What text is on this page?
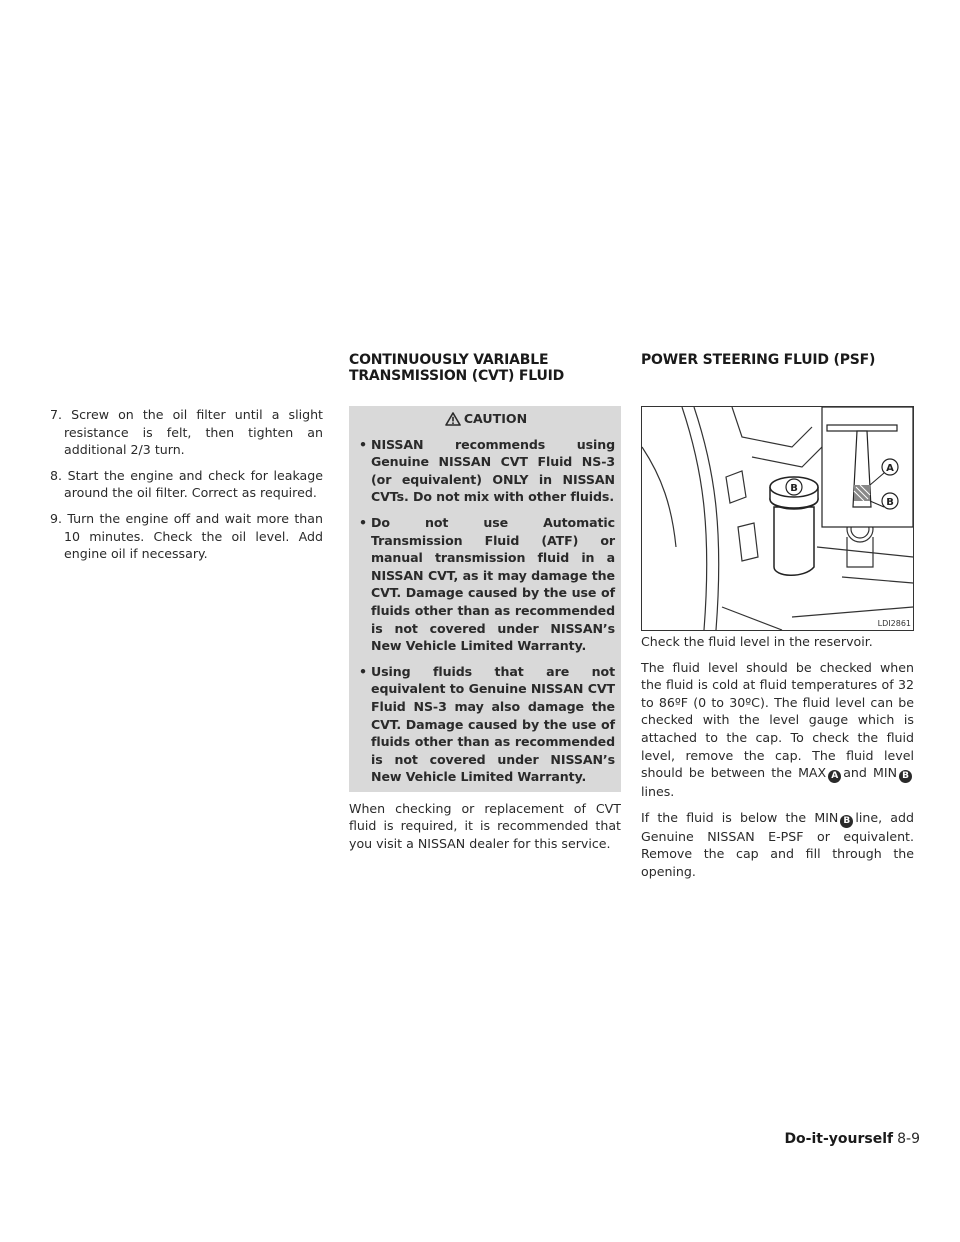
CONTINUOUSLY VARIABLE TRANSMISSION (CVT) FLUID
POWER STEERING FLUID (PSF)
7. Screw on the oil filter until a slight resistance is felt, then tighten an additional 2/3 turn.
8. Start the engine and check for leakage around the oil filter. Correct as required.
9. Turn the engine off and wait more than 10 minutes. Check the oil level. Add engine oil if necessary.
CAUTION
• NISSAN recommends using Genuine NISSAN CVT Fluid NS-3 (or equivalent) ONLY in NISSAN CVTs. Do not mix with other fluids.
• Do not use Automatic Transmission Fluid (ATF) or manual transmission fluid in a NISSAN CVT, as it may damage the CVT. Damage caused by the use of fluids other than as recommended is not covered under NISSAN’s New Vehicle Limited Warranty.
• Using fluids that are not equivalent to Genuine NISSAN CVT Fluid NS-3 may also damage the CVT. Damage caused by the use of fluids other than as recommended is not covered under NISSAN’s New Vehicle Limited Warranty.

When checking or replacement of CVT fluid is required, it is recommended that you visit a NISSAN dealer for this service.

B
A
B
LDI2861

Check the fluid level in the reservoir.

The fluid level should be checked when the fluid is cold at fluid temperatures of 32 to 86ºF (0 to 30ºC). The fluid level can be checked with the level gauge which is attached to the cap. To check the fluid level, remove the cap. The fluid level should be between the MAX A and MIN Blines.

If the fluid is below the MIN B line, add Genuine NISSAN E-PSF or equivalent. Remove the cap and fill through the opening.

Do-it-yourself 8-9
